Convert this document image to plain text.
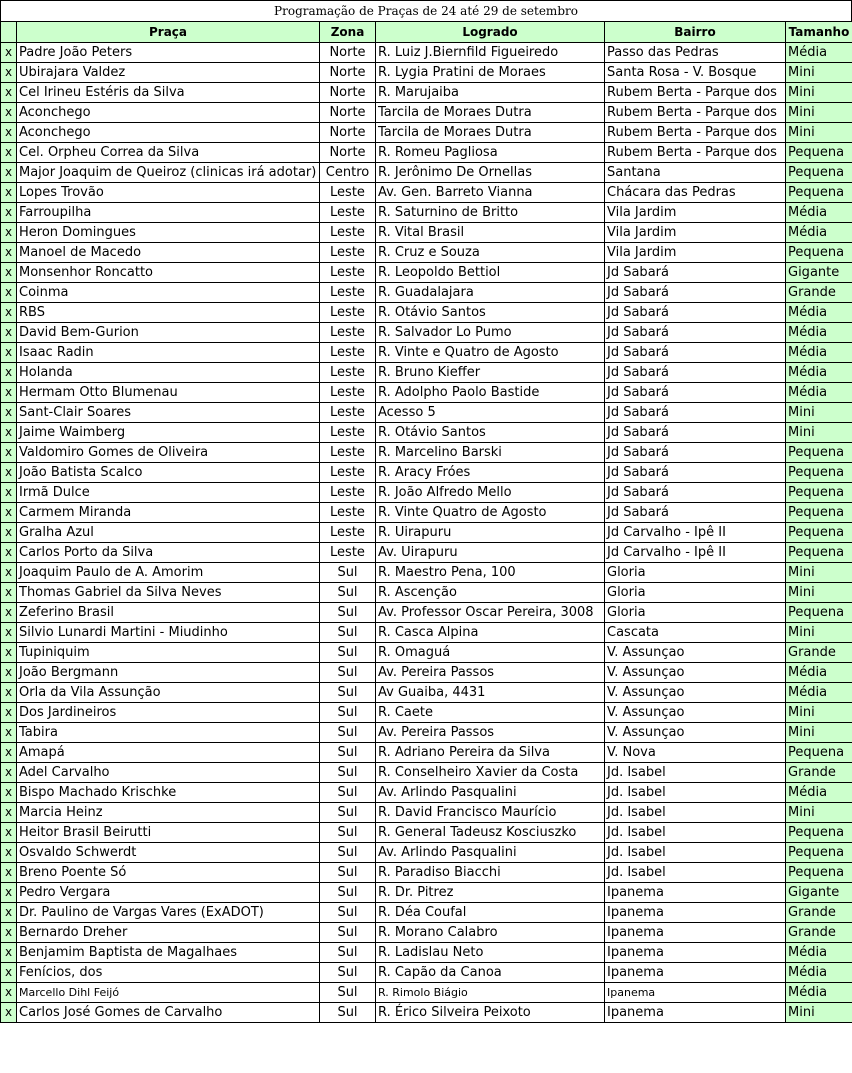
Programação de Praças de 24 até 29 de setembro
	Praça	Zona	Logrado	Bairro	Tamanho
x	Padre João Peters	Norte	R. Luiz J.Biernfild Figueiredo	Passo das Pedras	Média
x	Ubirajara Valdez	Norte	R. Lygia Pratini de Moraes	Santa Rosa - V. Bosque	Mini
x	Cel Irineu Estéris da Silva	Norte	R. Marujaiba	Rubem Berta - Parque dos	Mini
x	Aconchego	Norte	Tarcila de Moraes Dutra	Rubem Berta - Parque dos	Mini
x	Aconchego	Norte	Tarcila de Moraes Dutra	Rubem Berta - Parque dos	Mini
x	Cel. Orpheu Correa da Silva	Norte	R. Romeu Pagliosa	Rubem Berta - Parque dos	Pequena
x	Major Joaquim de Queiroz (clinicas irá adotar)	Centro	R. Jerônimo De Ornellas	Santana	Pequena
x	Lopes Trovão	Leste	Av. Gen. Barreto Vianna	Chácara das Pedras	Pequena
x	Farroupilha	Leste	R. Saturnino de Britto	Vila Jardim	Média
x	Heron Domingues	Leste	R. Vital Brasil	Vila Jardim	Média
x	Manoel de Macedo	Leste	R. Cruz e Souza	Vila Jardim	Pequena
x	Monsenhor Roncatto	Leste	R. Leopoldo Bettiol	Jd Sabará	Gigante
x	Coinma	Leste	R. Guadalajara	Jd Sabará	Grande
x	RBS	Leste	R. Otávio Santos	Jd Sabará	Média
x	David Bem-Gurion	Leste	R. Salvador Lo Pumo	Jd Sabará	Média
x	Isaac Radin	Leste	R. Vinte e Quatro de Agosto	Jd Sabará	Média
x	Holanda	Leste	R. Bruno Kieffer	Jd Sabará	Média
x	Hermam Otto Blumenau	Leste	R. Adolpho Paolo Bastide	Jd Sabará	Média
x	Sant-Clair Soares	Leste	Acesso 5	Jd Sabará	Mini
x	Jaime Waimberg	Leste	R. Otávio Santos	Jd Sabará	Mini
x	Valdomiro Gomes de Oliveira	Leste	R. Marcelino Barski	Jd Sabará	Pequena
x	João Batista Scalco	Leste	R. Aracy Fróes	Jd Sabará	Pequena
x	Irmã Dulce	Leste	R. João Alfredo Mello	Jd Sabará	Pequena
x	Carmem Miranda	Leste	R. Vinte Quatro de Agosto	Jd Sabará	Pequena
x	Gralha Azul	Leste	R. Uirapuru	Jd Carvalho - Ipê II	Pequena
x	Carlos Porto da Silva	Leste	Av. Uirapuru	Jd Carvalho - Ipê II	Pequena
x	Joaquim Paulo de A. Amorim	Sul	R. Maestro Pena, 100	Gloria	Mini
x	Thomas Gabriel da Silva Neves	Sul	R. Ascenção	Gloria	Mini
x	Zeferino Brasil	Sul	Av. Professor Oscar Pereira, 3008	Gloria	Pequena
x	Silvio Lunardi Martini - Miudinho	Sul	R. Casca Alpina	Cascata	Mini
x	Tupiniquim	Sul	R. Omaguá	V. Assunçao	Grande
x	João Bergmann	Sul	Av. Pereira Passos	V. Assunçao	Média
x	Orla da Vila Assunção	Sul	Av Guaiba, 4431	V. Assunçao	Média
x	Dos Jardineiros	Sul	R. Caete	V. Assunçao	Mini
x	Tabira	Sul	Av. Pereira Passos	V. Assunçao	Mini
x	Amapá	Sul	R. Adriano Pereira da Silva	V. Nova	Pequena
x	Adel Carvalho	Sul	R. Conselheiro Xavier da Costa	Jd. Isabel	Grande
x	Bispo Machado Krischke	Sul	Av. Arlindo Pasqualini	Jd. Isabel	Média
x	Marcia Heinz	Sul	R. David Francisco Maurício	Jd. Isabel	Mini
x	Heitor Brasil Beirutti	Sul	R. General Tadeusz Kosciuszko	Jd. Isabel	Pequena
x	Osvaldo Schwerdt	Sul	Av. Arlindo Pasqualini	Jd. Isabel	Pequena
x	Breno Poente Só	Sul	R. Paradiso Biacchi	Jd. Isabel	Pequena
x	Pedro Vergara	Sul	R. Dr. Pitrez	Ipanema	Gigante
x	Dr. Paulino de Vargas Vares (ExADOT)	Sul	R. Déa Coufal	Ipanema	Grande
x	Bernardo Dreher	Sul	R. Morano Calabro	Ipanema	Grande
x	Benjamim Baptista de Magalhaes	Sul	R. Ladislau Neto	Ipanema	Média
x	Fenícios, dos	Sul	R. Capão da Canoa	Ipanema	Média
x	Marcello Dihl Feijó	Sul	R. Rimolo Biágio	Ipanema	Média
x	Carlos José Gomes de Carvalho	Sul	R. Érico Silveira Peixoto	Ipanema	Mini
